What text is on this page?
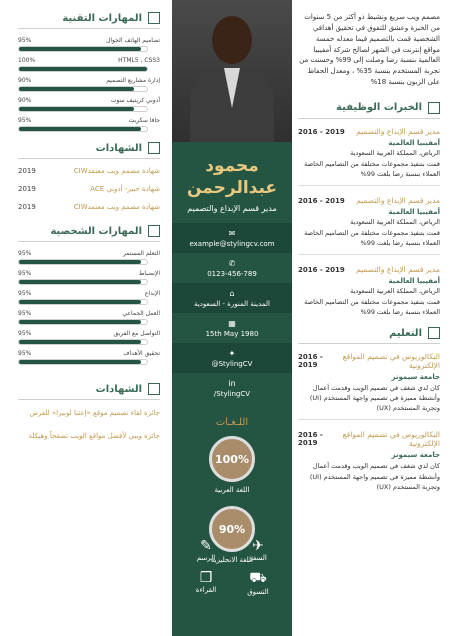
المهارات التقنية
95%	تصاميم الهاتف الجوال
100%	HTML5 , CSS3
90%	إدارة مشاريع التصميم
90%	أدوبي كريتيف سوت
95%	جافا سكربت
الشهادات
2019	شهادة مصمم ويب معتمدCIW
2019	شهادة خبير- أدوبي ACE
2019	شهادة مصمم ويب معتمدCIW
المهارات الشخصية
95%	التعلم المستمر
95%	الإنضباط
95%	الإبداع
95%	العمل الجماعي
95%	التواصل مع الفريق
95%	تحقيق الأهداف
الشهادات
جائزة لقاء تصميم موقع «إعتنا لوبيرا» للعرض
جائزة ويبي لأفضل مواقع الويب تصفحاً وهيكلة
محمود
عبدالرحمن
مدير قسم الإبداع والتصميم
✉
example@stylingcv.com
✆
0123-456-789
⌂
المدينة المنورة - السعودية
▦
15th May 1980
✦
@StylingCV
in
/StylingCV
اللـغـات
100%
اللغة العربية
90%
اللغة الانجليزية
✎
الرسم
✈
السفر
❒
القراءة
⛟
التسوق
مصمم ويب سريع ونشيط ذو أكثر من 5 سنوات من الخبرة وعشق للتفوق في تحقيق أهدافي الشخصية قمت بالتصميم فيما معدله خمسة مواقع إنترنت في الشهر لصالح شركة أمفيبيا العالمية بنسبة رضا وصلت إلى 99% وحسنت من تجربة المستخدم بنسبة 35% ، ومعدل الحفاظ على الزبون بنسبة 18%
الخبرات الوظيفية
مدير قسم الإبداع والتصميم
2016 - 2019
أمفيبيا العالمية
الرياض، المملكة العربية السعودية
قمت بتنفيذ مجموعات مختلفة من التصاميم الخاصة العملاء بنسبة رضا بلغت 99%
مدير قسم الإبداع والتصميم
2016 - 2019
أمفيبيا العالمية
الرياض، المملكة العربية السعودية
قمت بتنفيذ مجموعات مختلفة من التصاميم الخاصة العملاء بنسبة رضا بلغت 99%
مدير قسم الإبداع والتصميم
2016 - 2019
أمفيبيا العالمية
الرياض، المملكة العربية السعودية
قمت بتنفيذ مجموعات مختلفة من التصاميم الخاصة العملاء بنسبة رضا بلغت 99%
التعليم
البكالوريوس في تصميم المواقع الإلكترونية
2016 - 2019
جامعة سيمونز
كان لدي شغف في تصميم الويب وقدمت أعمال وأنشطة مميزة في تصميم واجهة المستخدم (UI) وتجربة المستخدم (UX)
البكالوريوس في تصميم المواقع الإلكترونية
2016 - 2019
جامعة سيمونز
كان لدي شغف في تصميم الويب وقدمت أعمال وأنشطة مميزة في تصميم واجهة المستخدم (UI) وتجربة المستخدم (UX)
